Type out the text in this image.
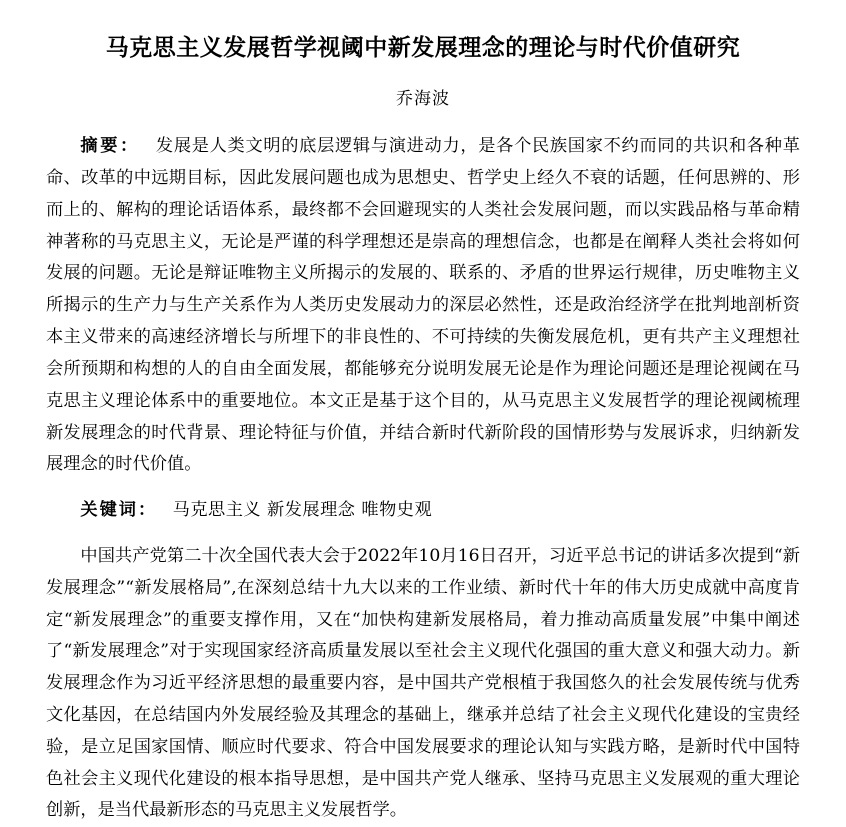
马克思主义发展哲学视阈中新发展理念的理论与时代价值研究
乔海波
摘要： 发展是人类文明的底层逻辑与演进动力，是各个民族国家不约而同的共识和各种革命、改革的中远期目标，因此发展问题也成为思想史、哲学史上经久不衰的话题，任何思辨的、形而上的、解构的理论话语体系，最终都不会回避现实的人类社会发展问题，而以实践品格与革命精神著称的马克思主义，无论是严谨的科学理想还是崇高的理想信念，也都是在阐释人类社会将如何发展的问题。无论是辩证唯物主义所揭示的发展的、联系的、矛盾的世界运行规律，历史唯物主义所揭示的生产力与生产关系作为人类历史发展动力的深层必然性，还是政治经济学在批判地剖析资本主义带来的高速经济增长与所埋下的非良性的、不可持续的失衡发展危机，更有共产主义理想社会所预期和构想的人的自由全面发展，都能够充分说明发展无论是作为理论问题还是理论视阈在马克思主义理论体系中的重要地位。本文正是基于这个目的，从马克思主义发展哲学的理论视阈梳理新发展理念的时代背景、理论特征与价值，并结合新时代新阶段的国情形势与发展诉求，归纳新发展理念的时代价值。
关键词： 马克思主义 新发展理念 唯物史观

中国共产党第二十次全国代表大会于2022年10月16日召开，习近平总书记的讲话多次提到“新发展理念”“新发展格局”,在深刻总结十九大以来的工作业绩、新时代十年的伟大历史成就中高度肯定“新发展理念”的重要支撑作用，又在“加快构建新发展格局，着力推动高质量发展”中集中阐述了“新发展理念”对于实现国家经济高质量发展以至社会主义现代化强国的重大意义和强大动力。新发展理念作为习近平经济思想的最重要内容，是中国共产党根植于我国悠久的社会发展传统与优秀文化基因，在总结国内外发展经验及其理念的基础上，继承并总结了社会主义现代化建设的宝贵经验，是立足国家国情、顺应时代要求、符合中国发展要求的理论认知与实践方略，是新时代中国特色社会主义现代化建设的根本指导思想，是中国共产党人继承、坚持马克思主义发展观的重大理论创新，是当代最新形态的马克思主义发展哲学。
